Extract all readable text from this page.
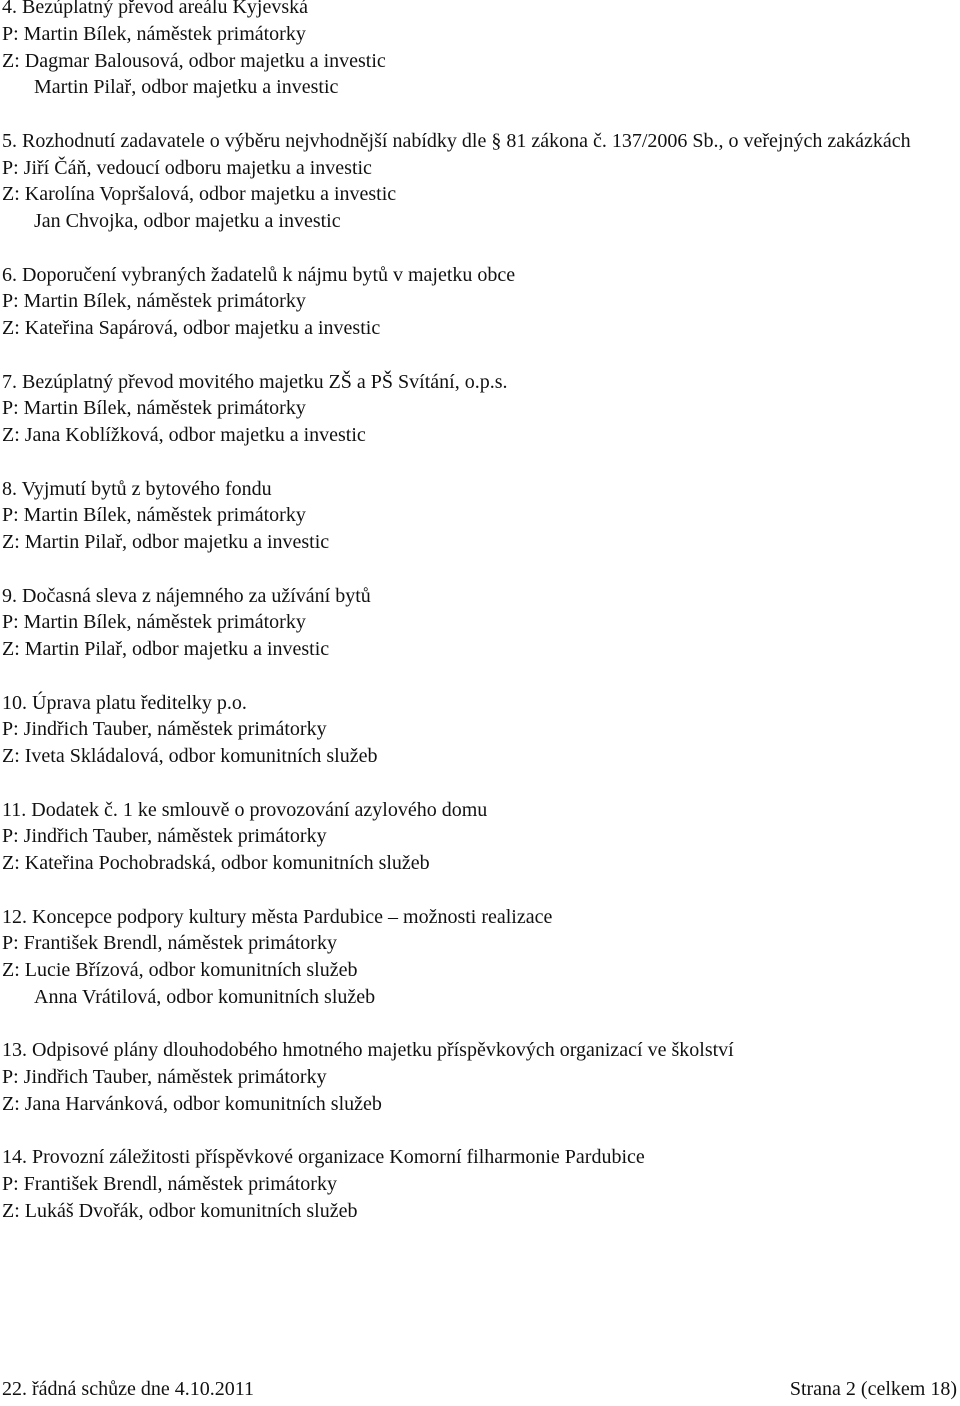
4. Bezúplatný převod areálu Kyjevská
P: Martin Bílek, náměstek primátorky
Z: Dagmar Balousová, odbor majetku a investic
Martin Pilař, odbor majetku a investic
5. Rozhodnutí zadavatele o výběru nejvhodnější nabídky dle § 81 zákona č. 137/2006 Sb., o veřejných zakázkách
P: Jiří Čáň, vedoucí odboru majetku a investic
Z: Karolína Vopršalová, odbor majetku a investic
Jan Chvojka, odbor majetku a investic
6. Doporučení vybraných žadatelů k nájmu bytů v majetku obce
P: Martin Bílek, náměstek primátorky
Z: Kateřina Sapárová, odbor majetku a investic
7. Bezúplatný převod movitého majetku ZŠ a PŠ Svítání, o.p.s.
P: Martin Bílek, náměstek primátorky
Z: Jana Koblížková, odbor majetku a investic
8. Vyjmutí bytů z bytového fondu
P: Martin Bílek, náměstek primátorky
Z: Martin Pilař, odbor majetku a investic
9. Dočasná sleva z nájemného za užívání bytů
P: Martin Bílek, náměstek primátorky
Z: Martin Pilař, odbor majetku a investic
10. Úprava platu ředitelky p.o.
P: Jindřich Tauber, náměstek primátorky
Z: Iveta Skládalová, odbor komunitních služeb
11. Dodatek č. 1 ke smlouvě o provozování azylového domu
P: Jindřich Tauber, náměstek primátorky
Z: Kateřina Pochobradská, odbor komunitních služeb
12. Koncepce podpory kultury města Pardubice – možnosti realizace
P: František Brendl, náměstek primátorky
Z: Lucie Břízová, odbor komunitních služeb
Anna Vrátilová, odbor komunitních služeb
13. Odpisové plány dlouhodobého hmotného majetku příspěvkových organizací ve školství
P: Jindřich Tauber, náměstek primátorky
Z: Jana Harvánková, odbor komunitních služeb
14. Provozní záležitosti příspěvkové organizace Komorní filharmonie Pardubice
P: František Brendl, náměstek primátorky
Z: Lukáš Dvořák, odbor komunitních služeb
22. řádná schůze dne 4.10.2011	Strana 2 (celkem 18)
